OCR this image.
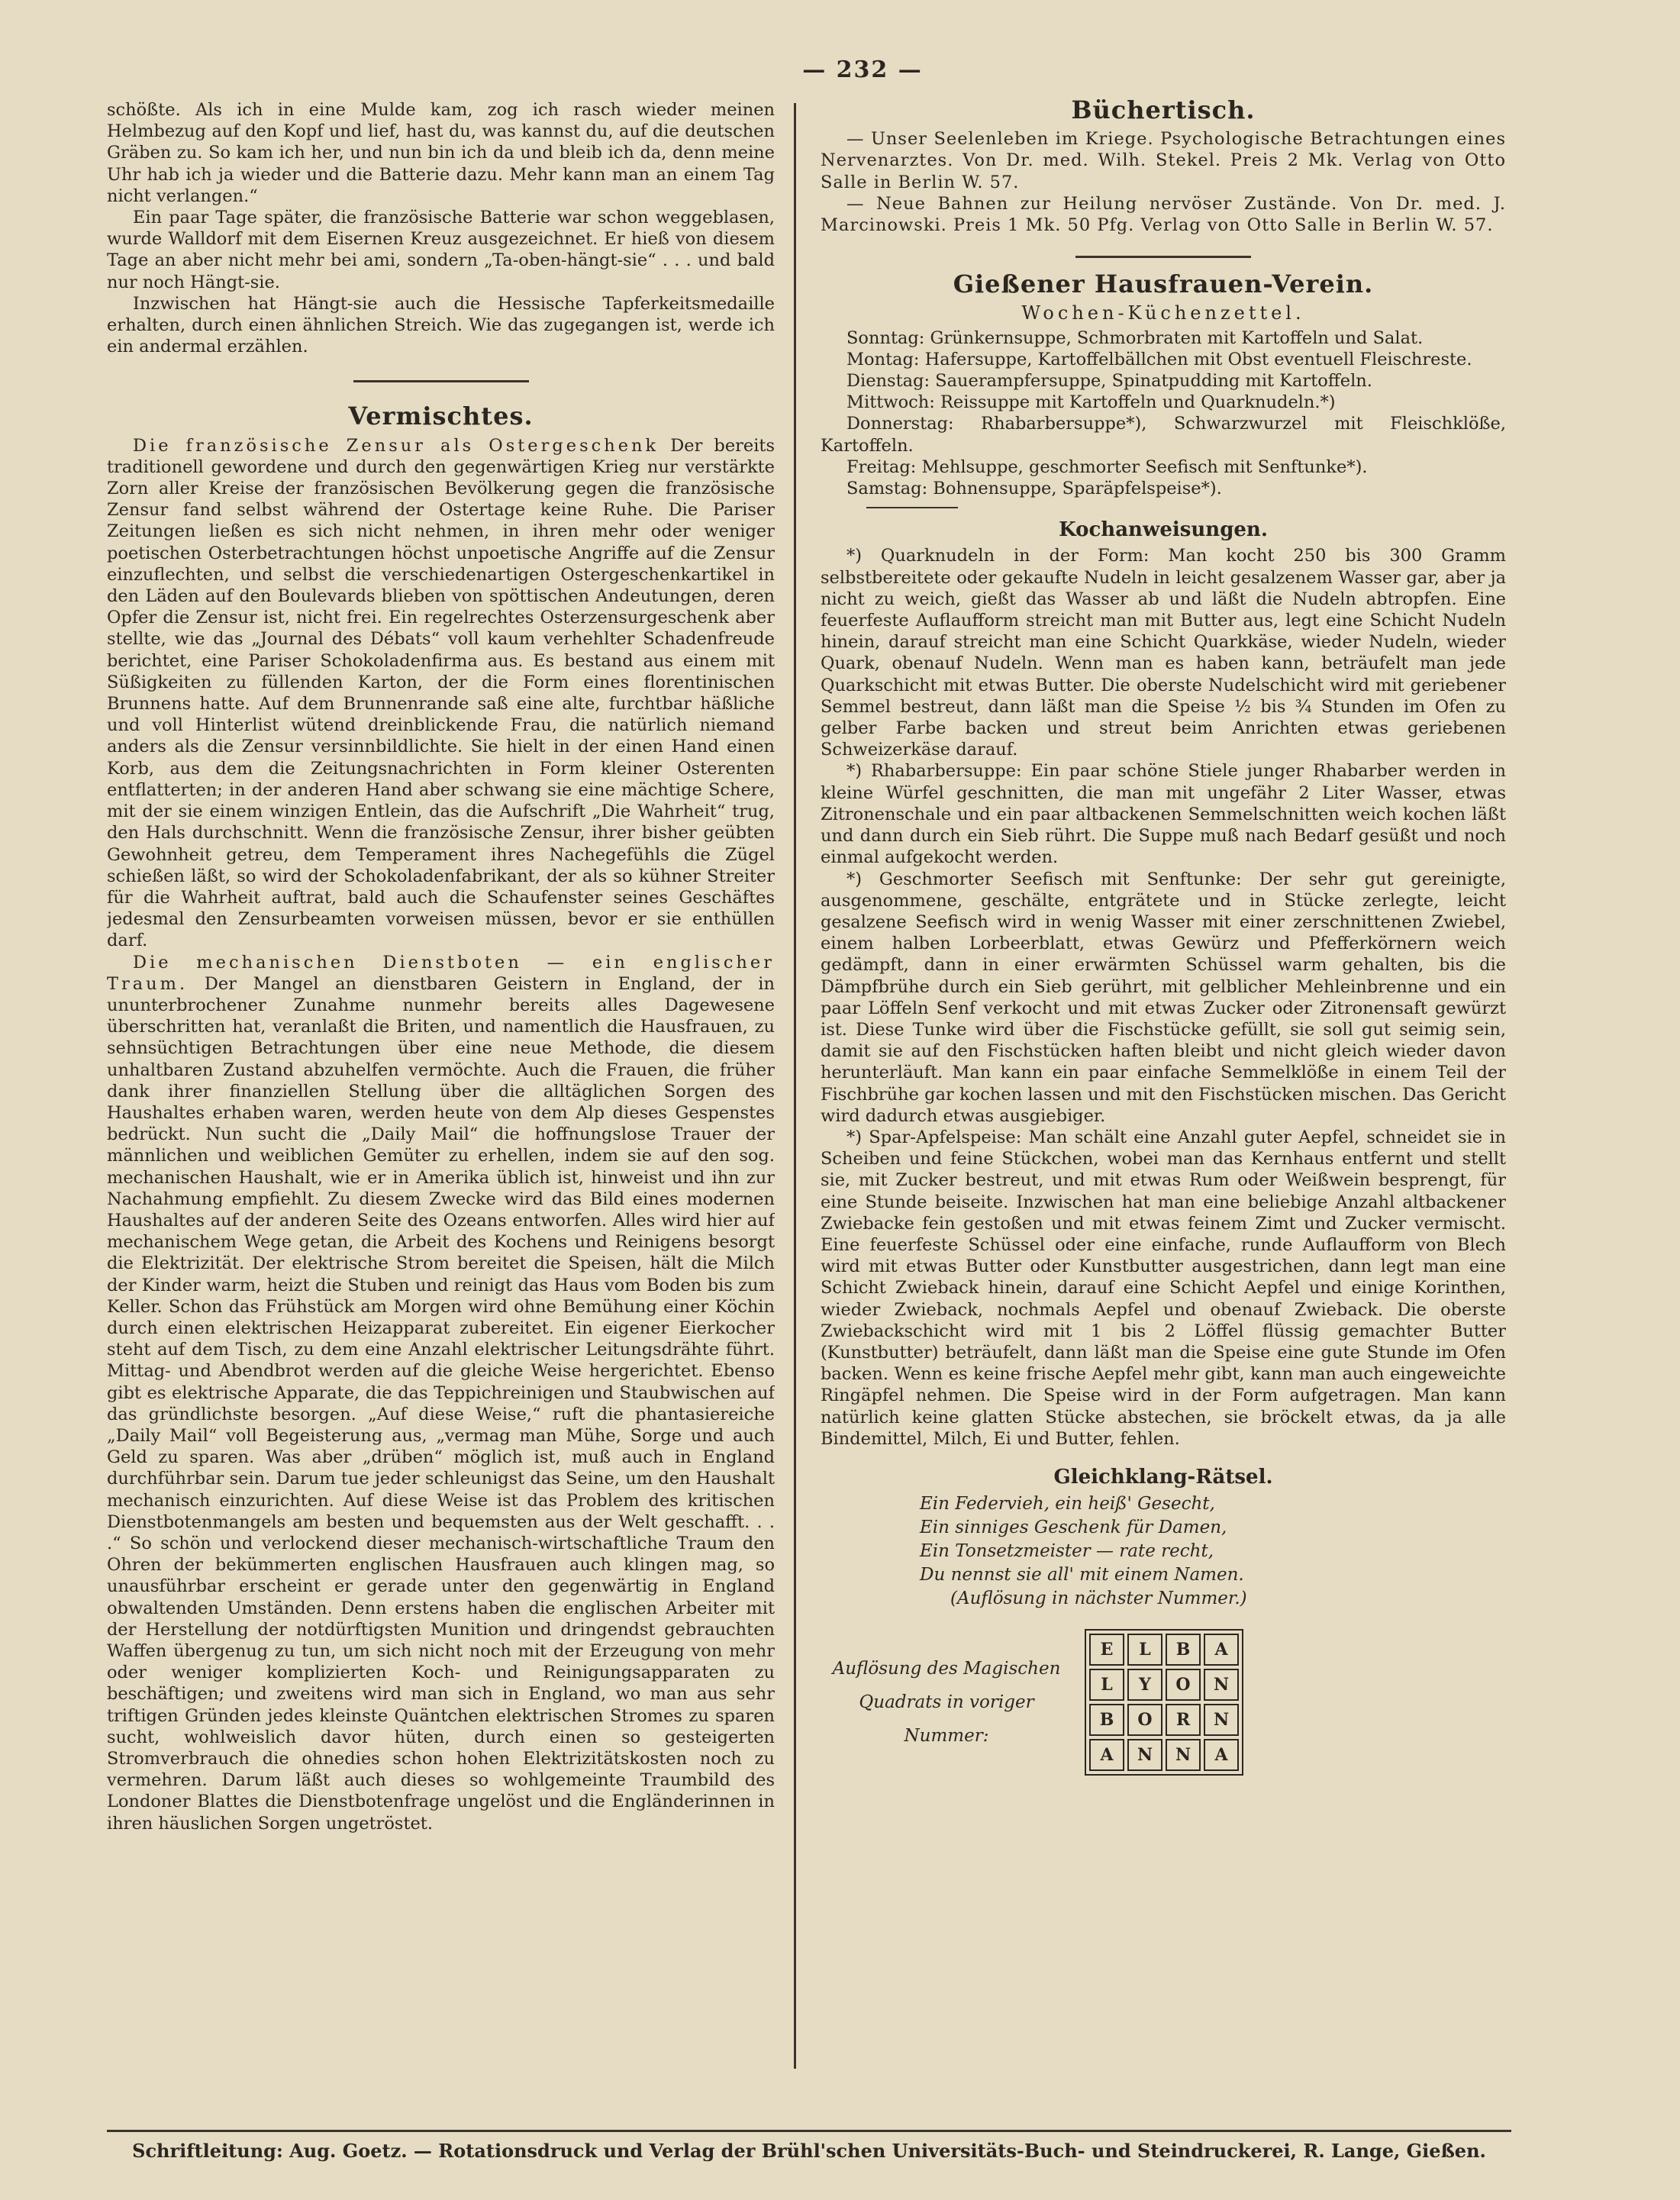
— 232 —

schößte. Als ich in eine Mulde kam, zog ich rasch wieder meinen Helmbezug auf den Kopf und lief, hast du, was kannst du, auf die deutschen Gräben zu. So kam ich her, und nun bin ich da und bleib ich da, denn meine Uhr hab ich ja wieder und die Batterie dazu. Mehr kann man an einem Tag nicht verlangen.“

Ein paar Tage später, die französische Batterie war schon weggeblasen, wurde Walldorf mit dem Eisernen Kreuz ausgezeichnet. Er hieß von diesem Tage an aber nicht mehr bei ami, sondern „Ta-oben-hängt-sie“ . . . und bald nur noch Hängt-sie.

Inzwischen hat Hängt-sie auch die Hessische Tapferkeitsmedaille erhalten, durch einen ähnlichen Streich. Wie das zugegangen ist, werde ich ein andermal erzählen.

Vermischtes.

Die französische Zensur als Ostergeschenk Der bereits traditionell gewordene und durch den gegenwärtigen Krieg nur verstärkte Zorn aller Kreise der französischen Bevölkerung gegen die französische Zensur fand selbst während der Ostertage keine Ruhe. Die Pariser Zeitungen ließen es sich nicht nehmen, in ihren mehr oder weniger poetischen Osterbetrachtungen höchst unpoetische Angriffe auf die Zensur einzuflechten, und selbst die verschiedenartigen Ostergeschenkartikel in den Läden auf den Boulevards blieben von spöttischen Andeutungen, deren Opfer die Zensur ist, nicht frei. Ein regelrechtes Osterzensurgeschenk aber stellte, wie das „Journal des Débats“ voll kaum verhehlter Schadenfreude berichtet, eine Pariser Schokoladenfirma aus. Es bestand aus einem mit Süßigkeiten zu füllenden Karton, der die Form eines florentinischen Brunnens hatte. Auf dem Brunnenrande saß eine alte, furchtbar häßliche und voll Hinterlist wütend dreinblickende Frau, die natürlich niemand anders als die Zensur versinnbildlichte. Sie hielt in der einen Hand einen Korb, aus dem die Zeitungsnachrichten in Form kleiner Osterenten entflatterten; in der anderen Hand aber schwang sie eine mächtige Schere, mit der sie einem winzigen Entlein, das die Aufschrift „Die Wahrheit“ trug, den Hals durchschnitt. Wenn die französische Zensur, ihrer bisher geübten Gewohnheit getreu, dem Temperament ihres Nachegefühls die Zügel schießen läßt, so wird der Schokoladenfabrikant, der als so kühner Streiter für die Wahrheit auftrat, bald auch die Schaufenster seines Geschäftes jedesmal den Zensurbeamten vorweisen müssen, bevor er sie enthüllen darf.

Die mechanischen Dienstboten — ein englischer Traum. Der Mangel an dienstbaren Geistern in England, der in ununterbrochener Zunahme nunmehr bereits alles Dagewesene überschritten hat, veranlaßt die Briten, und namentlich die Hausfrauen, zu sehnsüchtigen Betrachtungen über eine neue Methode, die diesem unhaltbaren Zustand abzuhelfen vermöchte. Auch die Frauen, die früher dank ihrer finanziellen Stellung über die alltäglichen Sorgen des Haushaltes erhaben waren, werden heute von dem Alp dieses Gespenstes bedrückt. Nun sucht die „Daily Mail“ die hoffnungslose Trauer der männlichen und weiblichen Gemüter zu erhellen, indem sie auf den sog. mechanischen Haushalt, wie er in Amerika üblich ist, hinweist und ihn zur Nachahmung empfiehlt. Zu diesem Zwecke wird das Bild eines modernen Haushaltes auf der anderen Seite des Ozeans entworfen. Alles wird hier auf mechanischem Wege getan, die Arbeit des Kochens und Reinigens besorgt die Elektrizität. Der elektrische Strom bereitet die Speisen, hält die Milch der Kinder warm, heizt die Stuben und reinigt das Haus vom Boden bis zum Keller. Schon das Frühstück am Morgen wird ohne Bemühung einer Köchin durch einen elektrischen Heizapparat zubereitet. Ein eigener Eierkocher steht auf dem Tisch, zu dem eine Anzahl elektrischer Leitungsdrähte führt. Mittag- und Abendbrot werden auf die gleiche Weise hergerichtet. Ebenso gibt es elektrische Apparate, die das Teppichreinigen und Staubwischen auf das gründlichste besorgen. „Auf diese Weise,“ ruft die phantasiereiche „Daily Mail“ voll Begeisterung aus, „vermag man Mühe, Sorge und auch Geld zu sparen. Was aber „drüben“ möglich ist, muß auch in England durchführbar sein. Darum tue jeder schleunigst das Seine, um den Haushalt mechanisch einzurichten. Auf diese Weise ist das Problem des kritischen Dienstbotenmangels am besten und bequemsten aus der Welt geschafft. . . .“ So schön und verlockend dieser mechanisch-wirtschaftliche Traum den Ohren der bekümmerten englischen Hausfrauen auch klingen mag, so unausführbar erscheint er gerade unter den gegenwärtig in England obwaltenden Umständen. Denn erstens haben die englischen Arbeiter mit der Herstellung der notdürftigsten Munition und dringendst gebrauchten Waffen übergenug zu tun, um sich nicht noch mit der Erzeugung von mehr oder weniger komplizierten Koch- und Reinigungsapparaten zu beschäftigen; und zweitens wird man sich in England, wo man aus sehr triftigen Gründen jedes kleinste Quäntchen elektrischen Stromes zu sparen sucht, wohlweislich davor hüten, durch einen so gesteigerten Stromverbrauch die ohnedies schon hohen Elektrizitätskosten noch zu vermehren. Darum läßt auch dieses so wohlgemeinte Traumbild des Londoner Blattes die Dienstbotenfrage ungelöst und die Engländerinnen in ihren häuslichen Sorgen ungetröstet.

Büchertisch.

— Unser Seelenleben im Kriege. Psychologische Betrachtungen eines Nervenarztes. Von Dr. med. Wilh. Stekel. Preis 2 Mk. Verlag von Otto Salle in Berlin W. 57.

— Neue Bahnen zur Heilung nervöser Zustände. Von Dr. med. J. Marcinowski. Preis 1 Mk. 50 Pfg. Verlag von Otto Salle in Berlin W. 57.

Gießener Hausfrauen-Verein.
Wochen-Küchenzettel.

Sonntag: Grünkernsuppe, Schmorbraten mit Kartoffeln und Salat.

Montag: Hafersuppe, Kartoffelbällchen mit Obst eventuell Fleischreste.

Dienstag: Sauerampfersuppe, Spinatpudding mit Kartoffeln.

Mittwoch: Reissuppe mit Kartoffeln und Quarknudeln.*)

Donnerstag: Rhabarbersuppe*), Schwarzwurzel mit Fleischklöße, Kartoffeln.

Freitag: Mehlsuppe, geschmorter Seefisch mit Senftunke*).

Samstag: Bohnensuppe, Sparäpfelspeise*).

Kochanweisungen.

*) Quarknudeln in der Form: Man kocht 250 bis 300 Gramm selbstbereitete oder gekaufte Nudeln in leicht gesalzenem Wasser gar, aber ja nicht zu weich, gießt das Wasser ab und läßt die Nudeln abtropfen. Eine feuerfeste Auflaufform streicht man mit Butter aus, legt eine Schicht Nudeln hinein, darauf streicht man eine Schicht Quarkkäse, wieder Nudeln, wieder Quark, obenauf Nudeln. Wenn man es haben kann, beträufelt man jede Quarkschicht mit etwas Butter. Die oberste Nudelschicht wird mit geriebener Semmel bestreut, dann läßt man die Speise ½ bis ¾ Stunden im Ofen zu gelber Farbe backen und streut beim Anrichten etwas geriebenen Schweizerkäse darauf.

*) Rhabarbersuppe: Ein paar schöne Stiele junger Rhabarber werden in kleine Würfel geschnitten, die man mit ungefähr 2 Liter Wasser, etwas Zitronenschale und ein paar altbackenen Semmelschnitten weich kochen läßt und dann durch ein Sieb rührt. Die Suppe muß nach Bedarf gesüßt und noch einmal aufgekocht werden.

*) Geschmorter Seefisch mit Senftunke: Der sehr gut gereinigte, ausgenommene, geschälte, entgrätete und in Stücke zerlegte, leicht gesalzene Seefisch wird in wenig Wasser mit einer zerschnittenen Zwiebel, einem halben Lorbeerblatt, etwas Gewürz und Pfefferkörnern weich gedämpft, dann in einer erwärmten Schüssel warm gehalten, bis die Dämpfbrühe durch ein Sieb gerührt, mit gelblicher Mehleinbrenne und ein paar Löffeln Senf verkocht und mit etwas Zucker oder Zitronensaft gewürzt ist. Diese Tunke wird über die Fischstücke gefüllt, sie soll gut seimig sein, damit sie auf den Fischstücken haften bleibt und nicht gleich wieder davon herunterläuft. Man kann ein paar einfache Semmelklöße in einem Teil der Fischbrühe gar kochen lassen und mit den Fischstücken mischen. Das Gericht wird dadurch etwas ausgiebiger.

*) Spar-Apfelspeise: Man schält eine Anzahl guter Aepfel, schneidet sie in Scheiben und feine Stückchen, wobei man das Kernhaus entfernt und stellt sie, mit Zucker bestreut, und mit etwas Rum oder Weißwein besprengt, für eine Stunde beiseite. Inzwischen hat man eine beliebige Anzahl altbackener Zwiebacke fein gestoßen und mit etwas feinem Zimt und Zucker vermischt. Eine feuerfeste Schüssel oder eine einfache, runde Auflaufform von Blech wird mit etwas Butter oder Kunstbutter ausgestrichen, dann legt man eine Schicht Zwieback hinein, darauf eine Schicht Aepfel und einige Korinthen, wieder Zwieback, nochmals Aepfel und obenauf Zwieback. Die oberste Zwiebackschicht wird mit 1 bis 2 Löffel flüssig gemachter Butter (Kunstbutter) beträufelt, dann läßt man die Speise eine gute Stunde im Ofen backen. Wenn es keine frische Aepfel mehr gibt, kann man auch eingeweichte Ringäpfel nehmen. Die Speise wird in der Form aufgetragen. Man kann natürlich keine glatten Stücke abstechen, sie bröckelt etwas, da ja alle Bindemittel, Milch, Ei und Butter, fehlen.

Gleichklang-Rätsel.
Ein Federvieh, ein heiß' Gesecht,
Ein sinniges Geschenk für Damen,
Ein Tonsetzmeister — rate recht,
Du nennst sie all' mit einem Namen.
(Auflösung in nächster Nummer.)
Auflösung des Magischen
Quadrats in voriger
Nummer:
E	L	B	A
L	Y	O	N
B	O	R	N
A	N	N	A
Schriftleitung: Aug. Goetz. — Rotationsdruck und Verlag der Brühl'schen Universitäts-Buch- und Steindruckerei, R. Lange, Gießen.
